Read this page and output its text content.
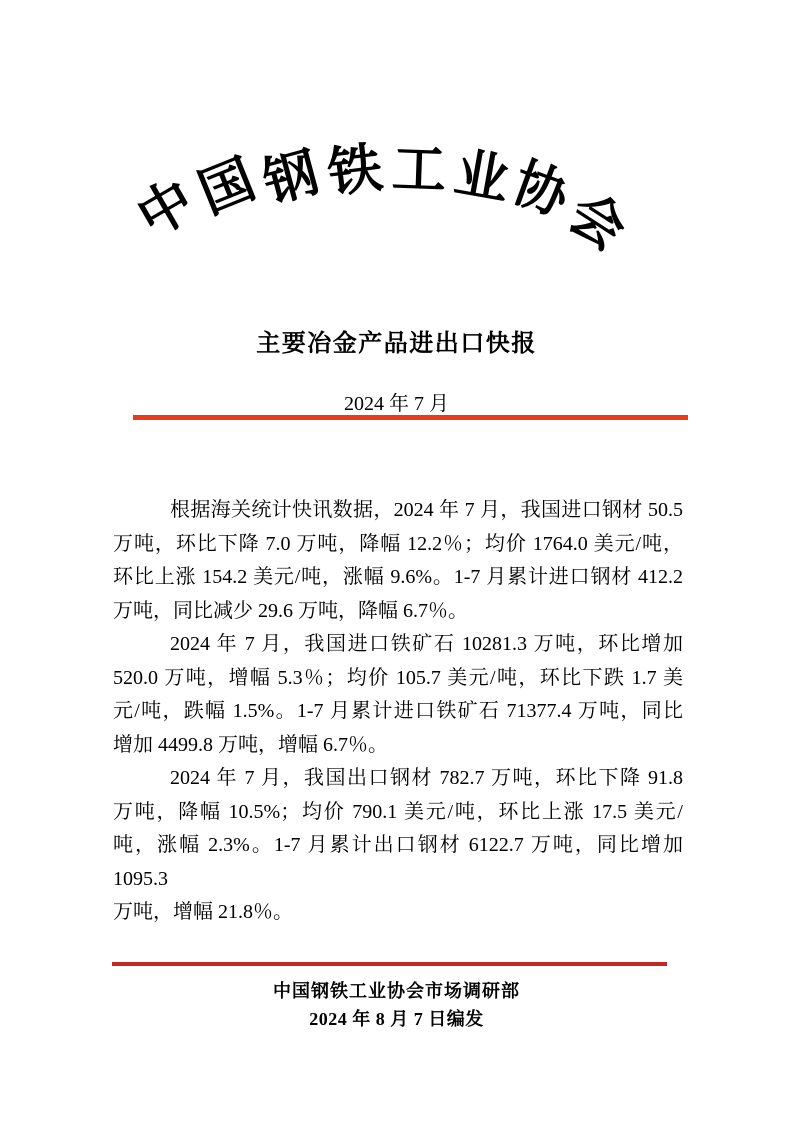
中
国
钢 铁 工 业
协
会
主要冶金产品进出口快报
2024 年 7 月
根据海关统计快讯数据，2024 年 7 月，我国进口钢材 50.5
万吨，环比下降 7.0 万吨，降幅 12.2％；均价 1764.0 美元/吨，
环比上涨 154.2 美元/吨，涨幅 9.6%。1-7 月累计进口钢材 412.2
万吨，同比减少 29.6 万吨，降幅 6.7％。
2024 年 7 月，我国进口铁矿石 10281.3 万吨，环比增加
520.0 万吨，增幅 5.3％；均价 105.7 美元/吨，环比下跌 1.7 美
元/吨，跌幅 1.5%。1-7 月累计进口铁矿石 71377.4 万吨，同比
增加 4499.8 万吨，增幅 6.7％。
2024 年 7 月，我国出口钢材 782.7 万吨，环比下降 91.8
万吨，降幅 10.5%；均价 790.1 美元/吨，环比上涨 17.5 美元/
吨，涨幅 2.3%。1-7 月累计出口钢材 6122.7 万吨，同比增加 1095.3
万吨，增幅 21.8％。
中国钢铁工业协会市场调研部
2024 年 8 月 7 日编发
